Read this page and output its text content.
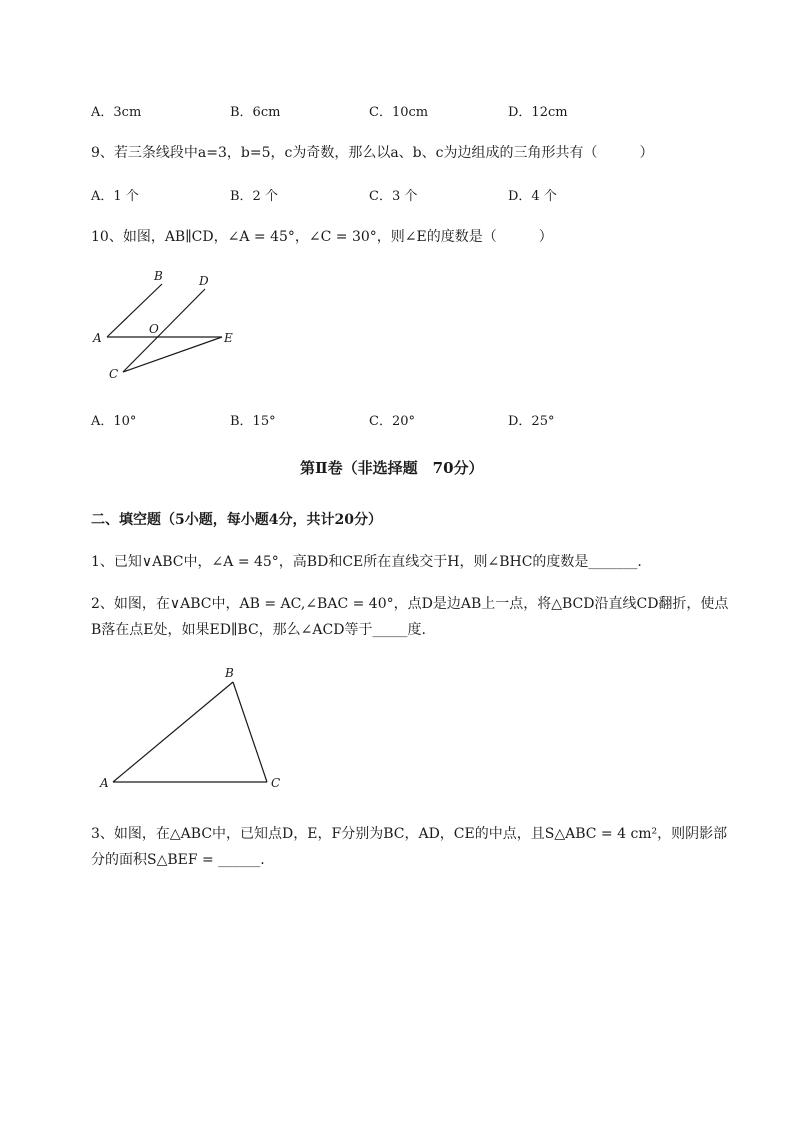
A．3cm	B．6cm	C．10cm	D．12cm
9、若三条线段中a=3，b=5，c为奇数，那么以a、b、c为边组成的三角形共有（　　　）
A．1 个	B．2 个	C．3 个	D．4 个
10、如图，AB∥CD，∠A = 45°，∠C = 30°，则∠E的度数是（　　　）
B	D
A
O
E
C
A．10°	B．15°	C．20°	D．25°
第Ⅱ卷（非选择题　70分）
二、填空题（5小题，每小题4分，共计20分）
1、已知∨ABC中，∠A = 45°，高BD和CE所在直线交于H，则∠BHC的度数是_______.
2、如图，在∨ABC中，AB = AC,∠BAC = 40°，点D是边AB上一点，将△BCD沿直线CD翻折，使点
B落在点E处，如果ED∥BC，那么∠ACD等于_____度.
B
A	C
3、如图，在△ABC中，已知点D，E，F分别为BC，AD，CE的中点，且S△ABC = 4 cm²，则阴影部
分的面积S△BEF = ______.
